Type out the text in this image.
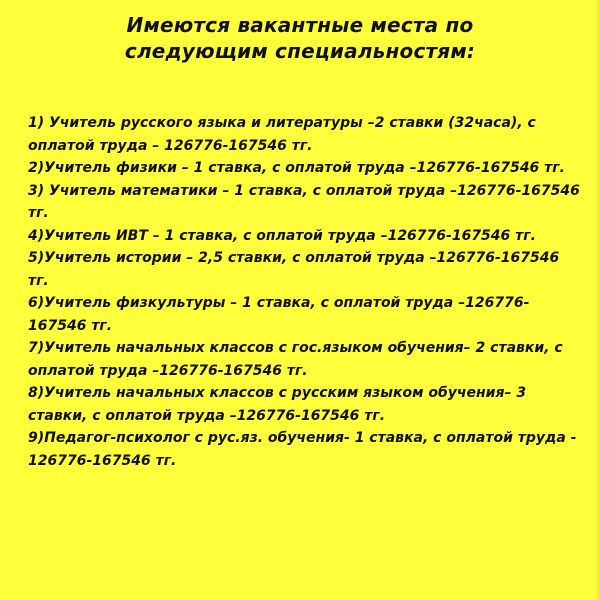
Имеются вакантные места по
следующим специальностям:
1) Учитель русского языка и литературы –2 ставки (32часа), с оплатой труда – 126776-167546 тг.
2)Учитель физики – 1 ставка, с оплатой труда –126776-167546 тг.
3) Учитель математики – 1 ставка, с оплатой труда –126776-167546 тг.
4)Учитель ИВТ – 1 ставка, с оплатой труда –126776-167546 тг.
5)Учитель истории – 2,5 ставки, с оплатой труда –126776-167546 тг.
6)Учитель физкультуры – 1 ставка, с оплатой труда –126776-167546 тг.
7)Учитель начальных классов с гос.языком обучения– 2 ставки, с оплатой труда –126776-167546 тг.
8)Учитель начальных классов с русским языком обучения– 3 ставки, с оплатой труда –126776-167546 тг.
9)Педагог-психолог с рус.яз. обучения- 1 ставка, с оплатой труда - 126776-167546 тг.
